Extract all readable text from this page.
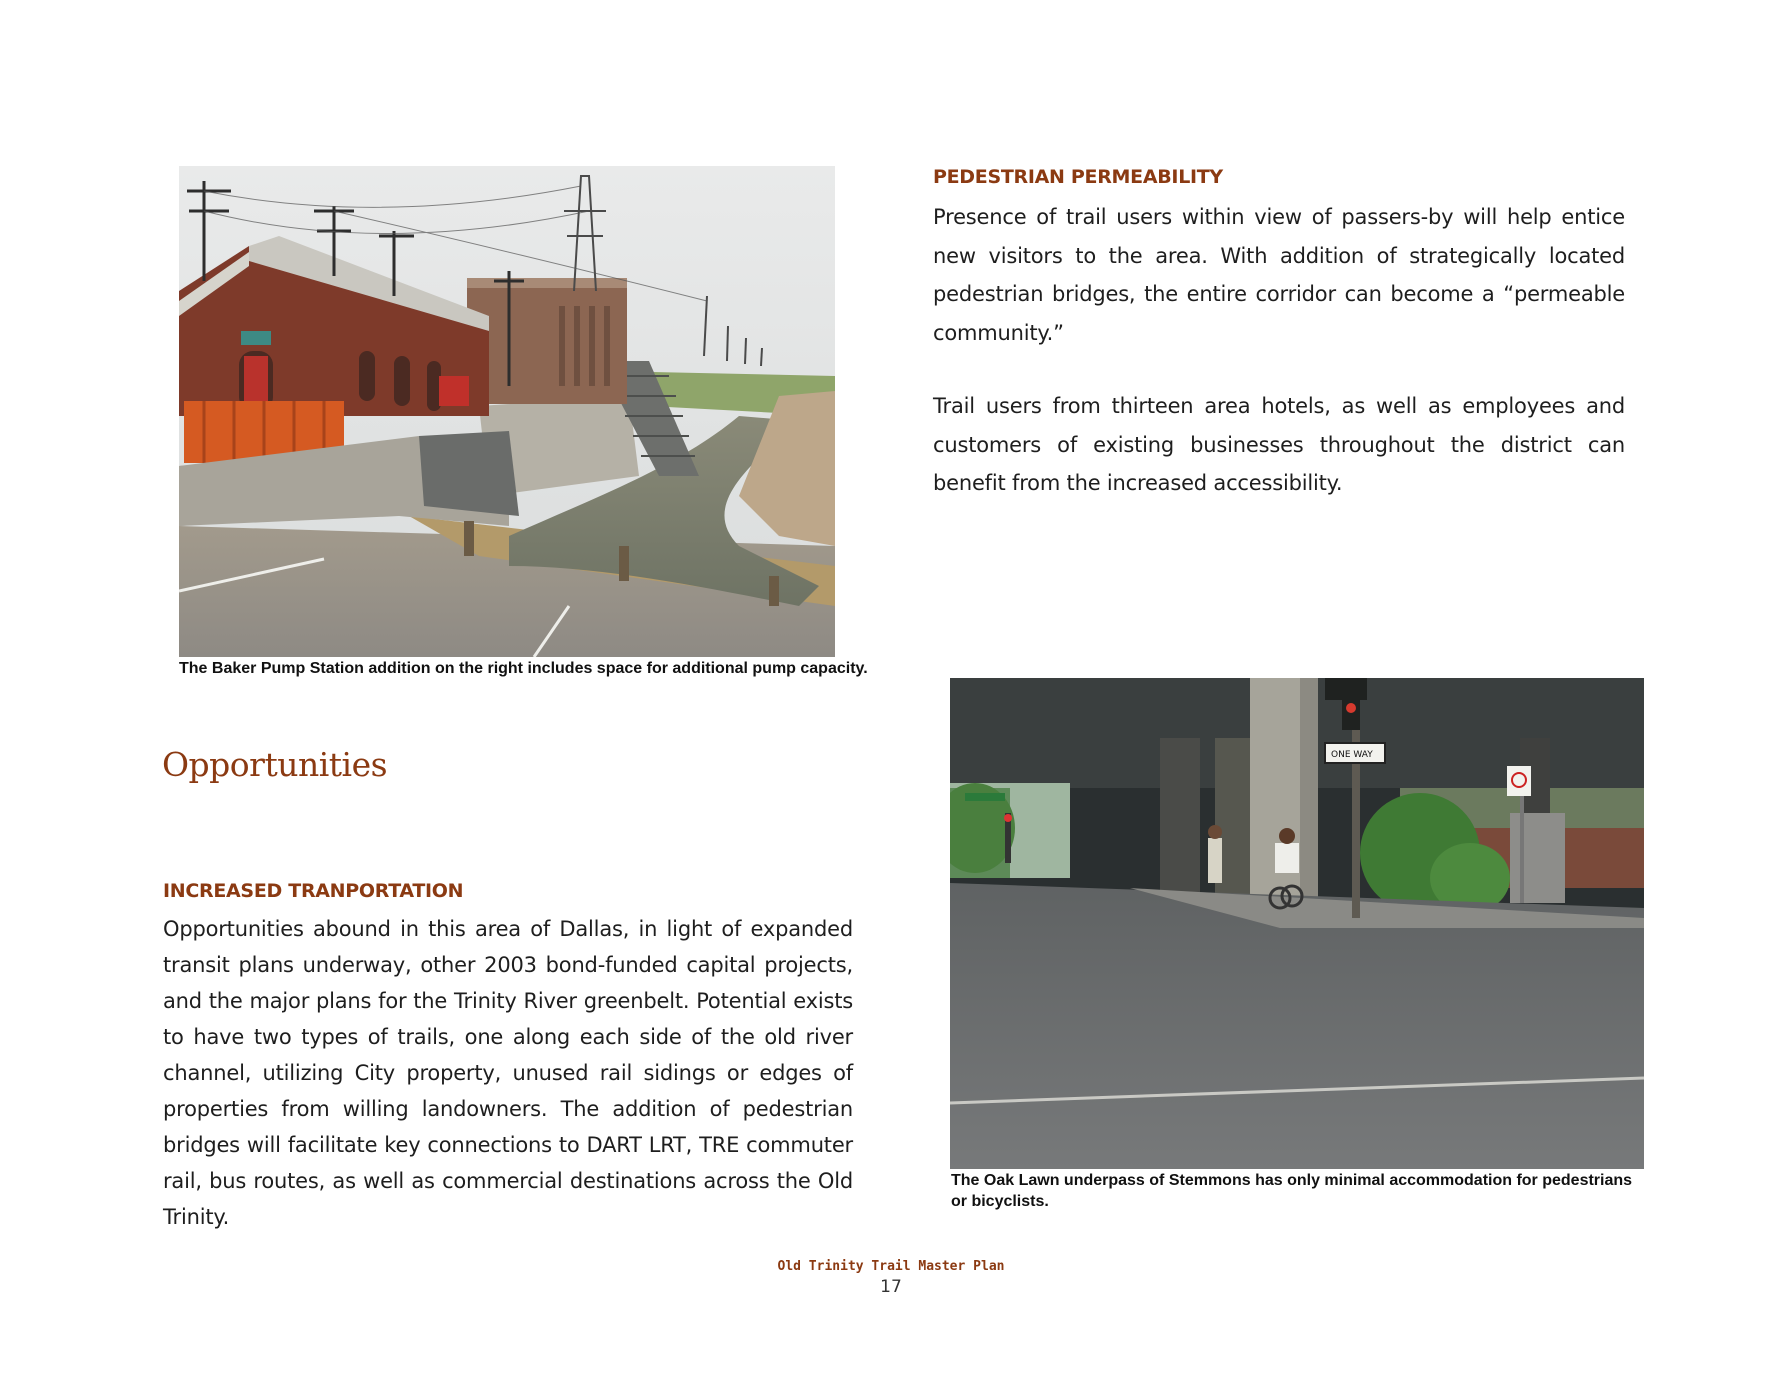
The Baker Pump Station addition on the right includes space for additional pump capacity.
PEDESTRIAN PERMEABILITY

Presence of trail users within view of passers-by will help entice new visitors to the area. With addition of strategically located pedestrian bridges, the entire corridor can become a “permeable community.”

Trail users from thirteen area hotels, as well as employees and customers of existing businesses throughout the district can benefit from the increased accessibility.

Opportunities
INCREASED TRANPORTATION

Opportunities abound in this area of Dallas, in light of expanded transit plans underway, other 2003 bond-funded capital projects, and the major plans for the Trinity River greenbelt. Potential exists to have two types of trails, one along each side of the old river channel, utilizing City property, unused rail sidings or edges of properties from willing landowners. The addition of pedestrian bridges will facilitate key connections to DART LRT, TRE commuter rail, bus routes, as well as commercial destinations across the Old Trinity.

ONE WAY
The Oak Lawn underpass of Stemmons has only minimal accommodation for pedestrians or bicyclists.
Old Trinity Trail Master Plan
17
